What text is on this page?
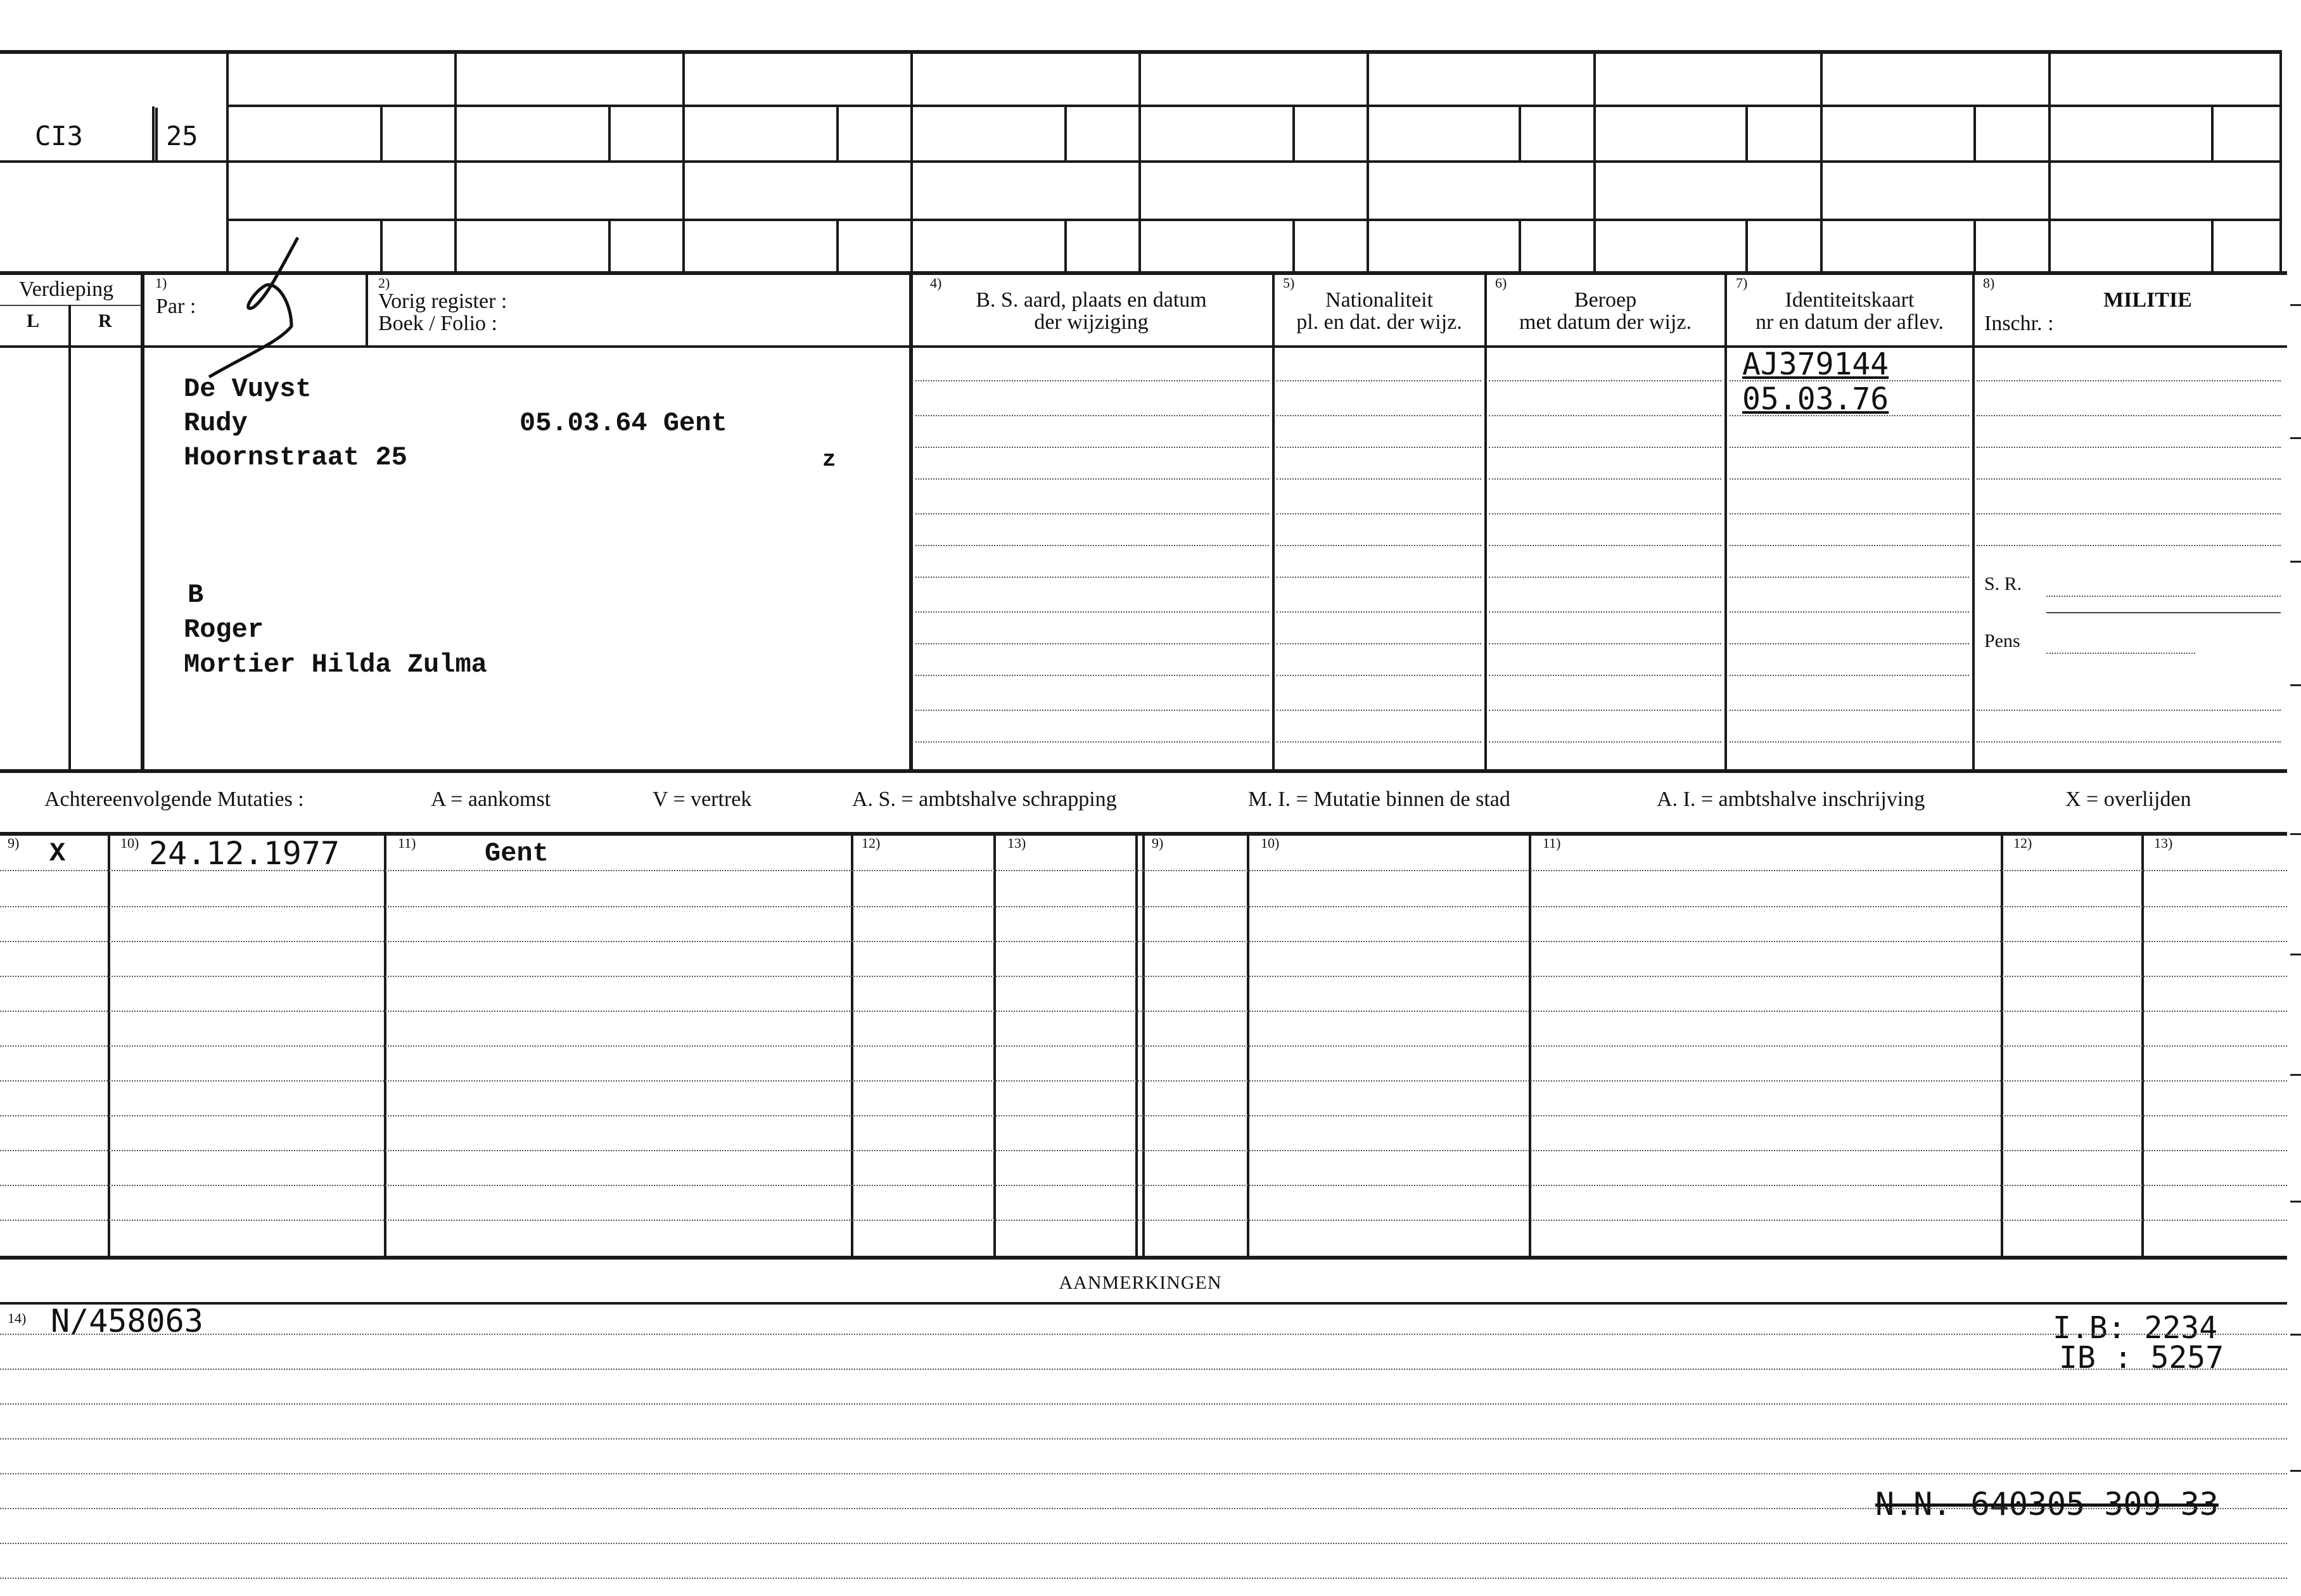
CI3	25
Verdieping
L	R
1)
Par :
2)
Vorig register :
Boek / Folio :
4)
B. S. aard, plaats en datum
der wijziging
5)
Nationaliteit
pl. en dat. der wijz.
6)
Beroep
met datum der wijz.
7)
Identiteitskaart
nr en datum der aflev.
8)
MILITIE
Inschr. :
De Vuyst
Rudy	05.03.64 Gent
Hoornstraat 25	z
B
Roger
Mortier Hilda Zulma
AJ379144
05.03.76
S. R.
Pens
Achtereenvolgende Mutaties :	A = aankomst	V = vertrek	A. S. = ambtshalve schrapping	M. I. = Mutatie binnen de stad	A. I. = ambtshalve inschrijving	X = overlijden
9)	10)	11)	12)	13)	9)	10)	11)	12)	13)
X	24.12.1977	Gent
AANMERKINGEN
14) N/458063	I.B: 2234
IB : 5257
N.N. 640305 309 33
